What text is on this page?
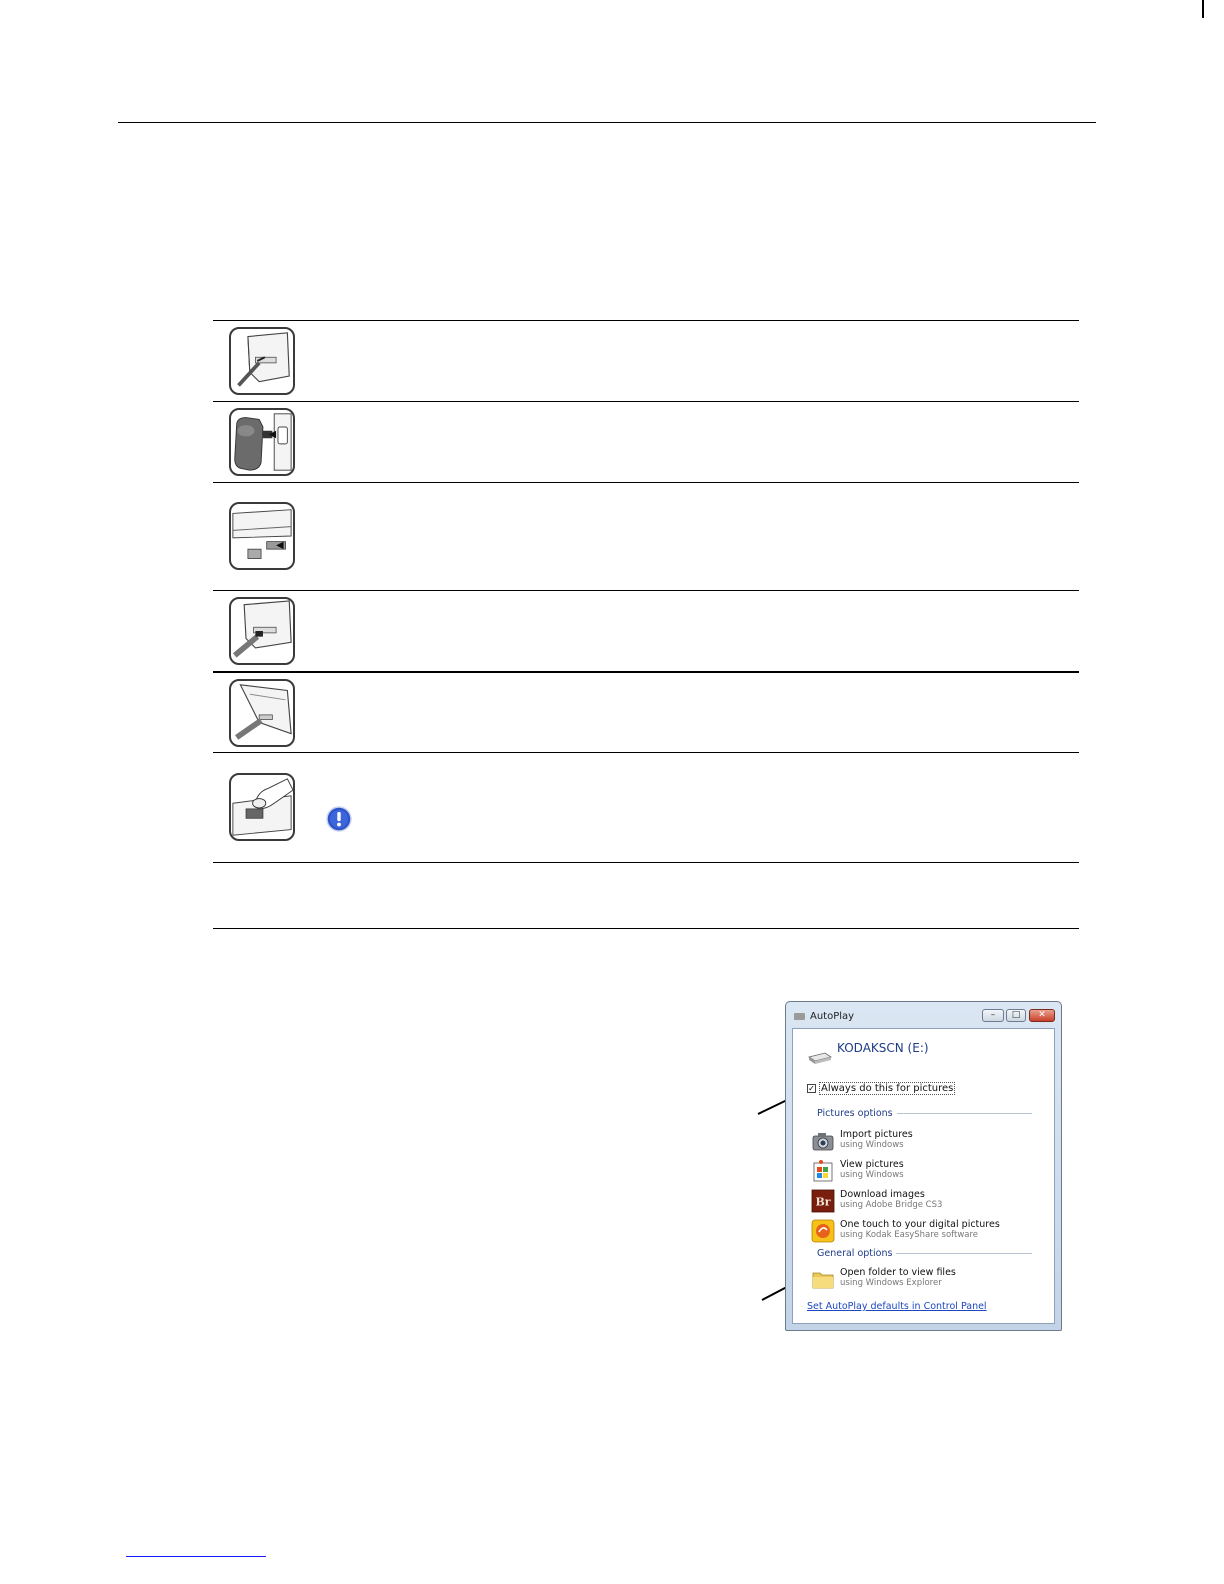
AutoPlay	–	□	✕
KODAKSCN (E:)
✓ Always do this for pictures
Pictures options
Import pictures
using Windows
View pictures
using Windows
Br
Download images
using Adobe Bridge CS3
One touch to your digital pictures
using Kodak EasyShare software
General options
Open folder to view files
using Windows Explorer
Set AutoPlay defaults in Control Panel
